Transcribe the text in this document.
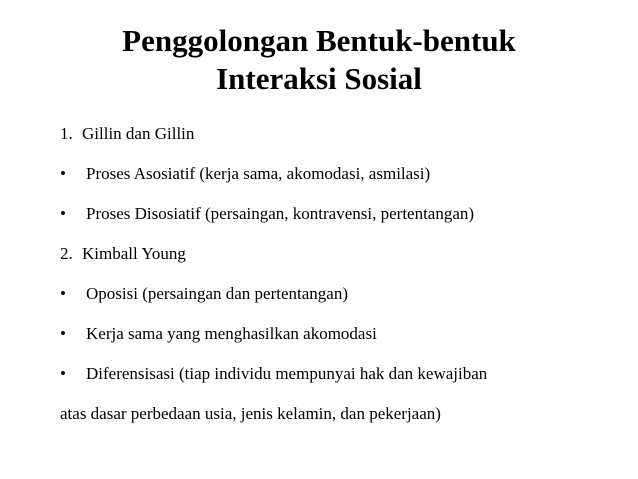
Penggolongan Bentuk-bentuk
Interaksi Sosial
1. Gillin dan Gillin
• Proses Asosiatif (kerja sama, akomodasi, asmilasi)
• Proses Disosiatif (persaingan, kontravensi, pertentangan)
2. Kimball Young
• Oposisi (persaingan dan pertentangan)
• Kerja sama yang menghasilkan akomodasi
• Diferensisasi (tiap individu mempunyai hak dan kewajiban
atas dasar perbedaan usia, jenis kelamin, dan pekerjaan)
